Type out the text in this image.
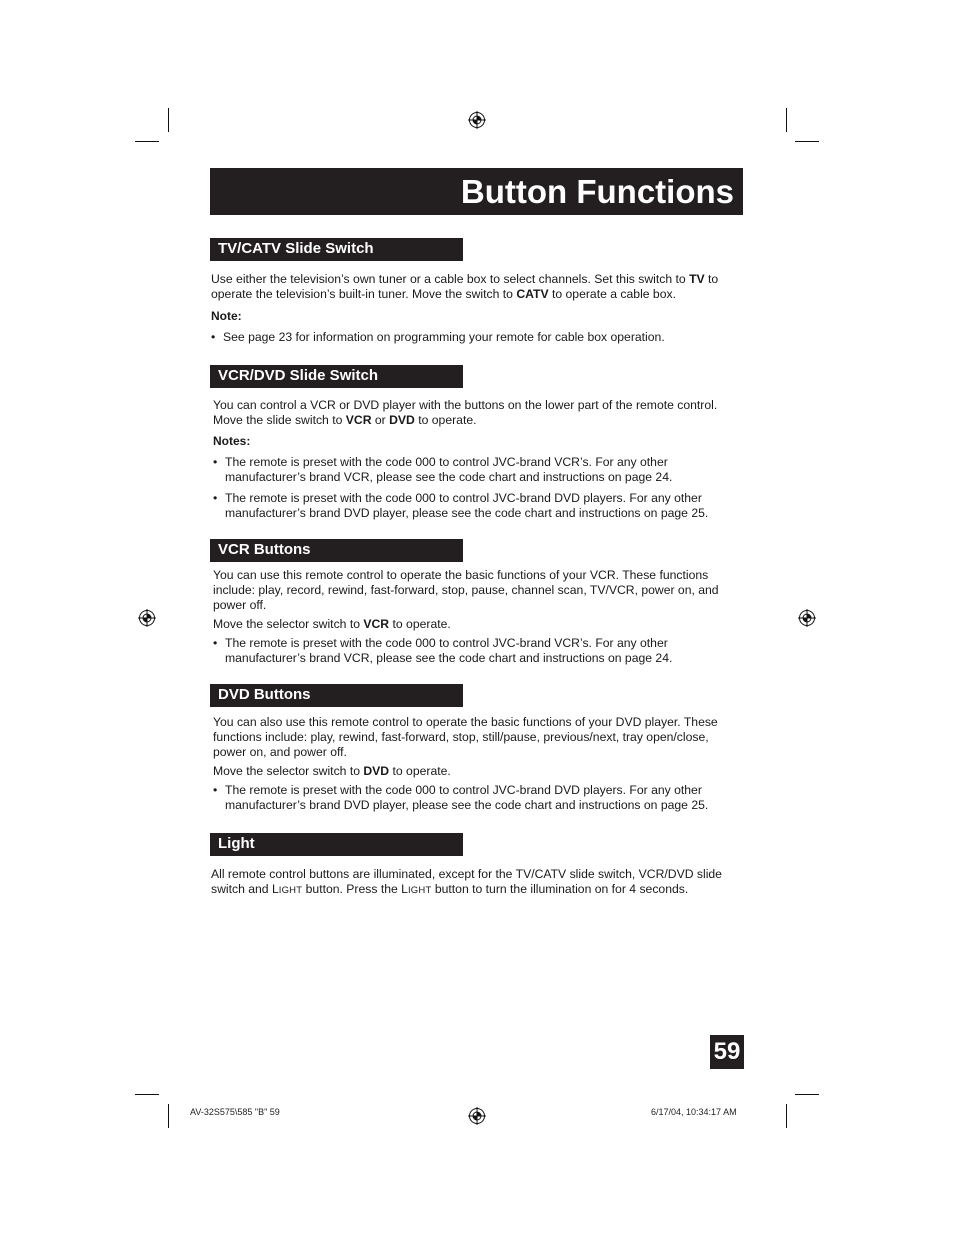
Button Functions
TV/CATV Slide Switch
Use either the television’s own tuner or a cable box to select channels. Set this switch to TV to operate the television’s built-in tuner. Move the switch to CATV to operate a cable box.
Note:
• See page 23 for information on programming your remote for cable box operation.
VCR/DVD Slide Switch
You can control a VCR or DVD player with the buttons on the lower part of the remote control. Move the slide switch to VCR or DVD to operate.
Notes:
• The remote is preset with the code 000 to control JVC-brand VCR’s. For any other manufacturer’s brand VCR, please see the code chart and instructions on page 24.
• The remote is preset with the code 000 to control JVC-brand DVD players. For any other manufacturer’s brand DVD player, please see the code chart and instructions on page 25.
VCR Buttons
You can use this remote control to operate the basic functions of your VCR. These functions include: play, record, rewind, fast-forward, stop, pause, channel scan, TV/VCR, power on, and power off.
Move the selector switch to VCR to operate.
• The remote is preset with the code 000 to control JVC-brand VCR’s. For any other manufacturer’s brand VCR, please see the code chart and instructions on page 24.
DVD Buttons
You can also use this remote control to operate the basic functions of your DVD player. These functions include: play, rewind, fast-forward, stop, still/pause, previous/next, tray open/close, power on, and power off.
Move the selector switch to DVD to operate.
• The remote is preset with the code 000 to control JVC-brand DVD players. For any other manufacturer’s brand DVD player, please see the code chart and instructions on page 25.
Light
All remote control buttons are illuminated, except for the TV/CATV slide switch, VCR/DVD slide switch and LIGHT button. Press the LIGHT button to turn the illumination on for 4 seconds.
59
AV-32S575\585 "B" 59	6/17/04, 10:34:17 AM
